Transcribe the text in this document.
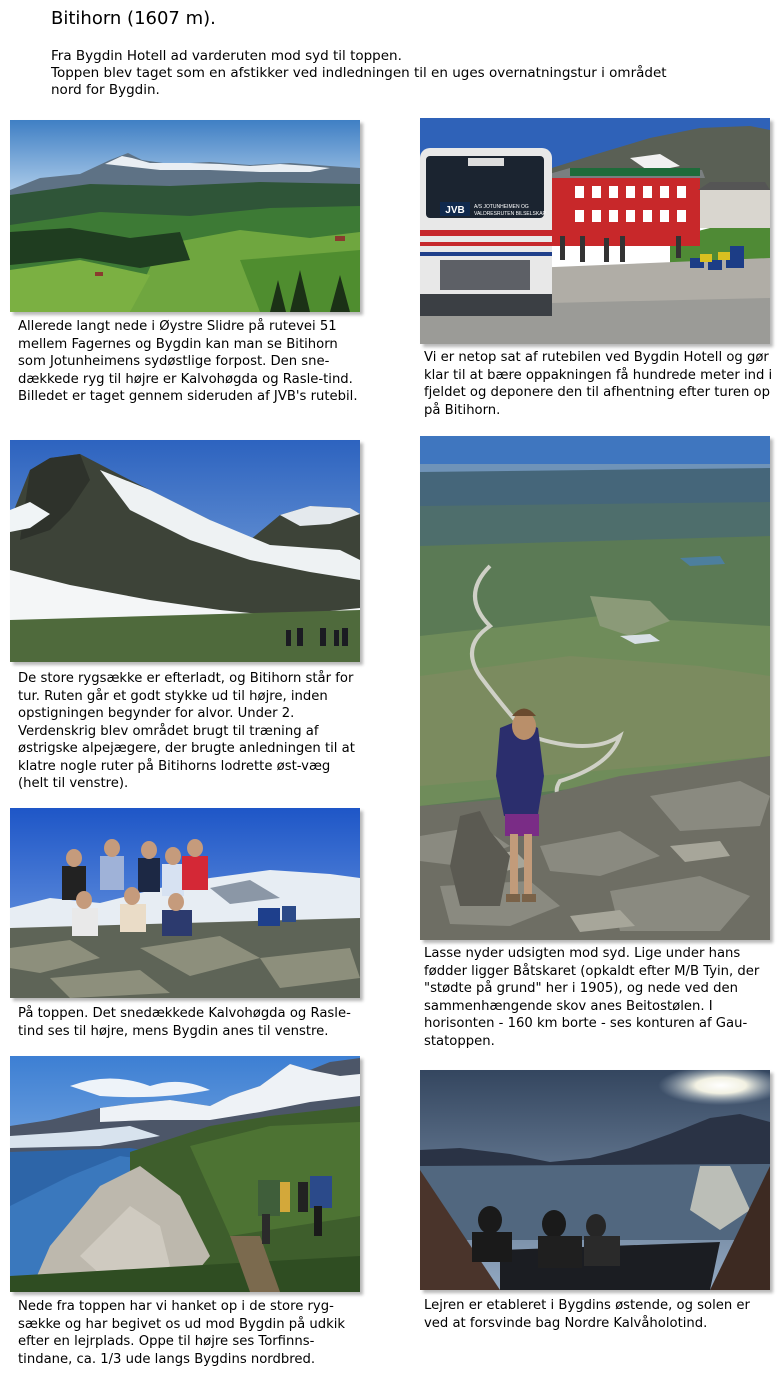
Bitihorn (1607 m).
Fra Bygdin Hotell ad varderuten mod syd til toppen.
Toppen blev taget som en afstikker ved indledningen til en uges overnatningstur i området
nord for Bygdin.
Allerede langt nede i Øystre Slidre på rutevei 51 mellem Fagernes og Bygdin kan man se Bitihorn som Jotunheimens sydøstlige forpost. Den sne-dækkede ryg til højre er Kalvohøgda og Rasle-tind. Billedet er taget gennem sideruden af JVB's rutebil.
JVB A/S JOTUNHEIMEN OG
VALDRESRUTEN BILSELSKAP
Vi er netop sat af rutebilen ved Bygdin Hotell og gør klar til at bære oppakningen få hundrede meter ind i fjeldet og deponere den til afhentning efter turen op på Bitihorn.
De store rygsække er efterladt, og Bitihorn står for tur. Ruten går et godt stykke ud til højre, inden opstigningen begynder for alvor. Under 2. Verdenskrig blev området brugt til træning af østrigske alpejægere, der brugte anledningen til at klatre nogle ruter på Bitihorns lodrette øst-væg (helt til venstre).
Lasse nyder udsigten mod syd. Lige under hans fødder ligger Båtskaret (opkaldt efter M/B Tyin, der "stødte på grund" her i 1905), og nede ved den sammenhængende skov anes Beitostølen. I horisonten - 160 km borte - ses konturen af Gau-statoppen.
På toppen. Det snedækkede Kalvohøgda og Rasle-tind ses til højre, mens Bygdin anes til venstre.
Nede fra toppen har vi hanket op i de store ryg-sække og har begivet os ud mod Bygdin på udkik efter en lejrplads. Oppe til højre ses Torfinns-tindane, ca. 1/3 ude langs Bygdins nordbred.
Lejren er etableret i Bygdins østende, og solen er ved at forsvinde bag Nordre Kalvåholotind.
